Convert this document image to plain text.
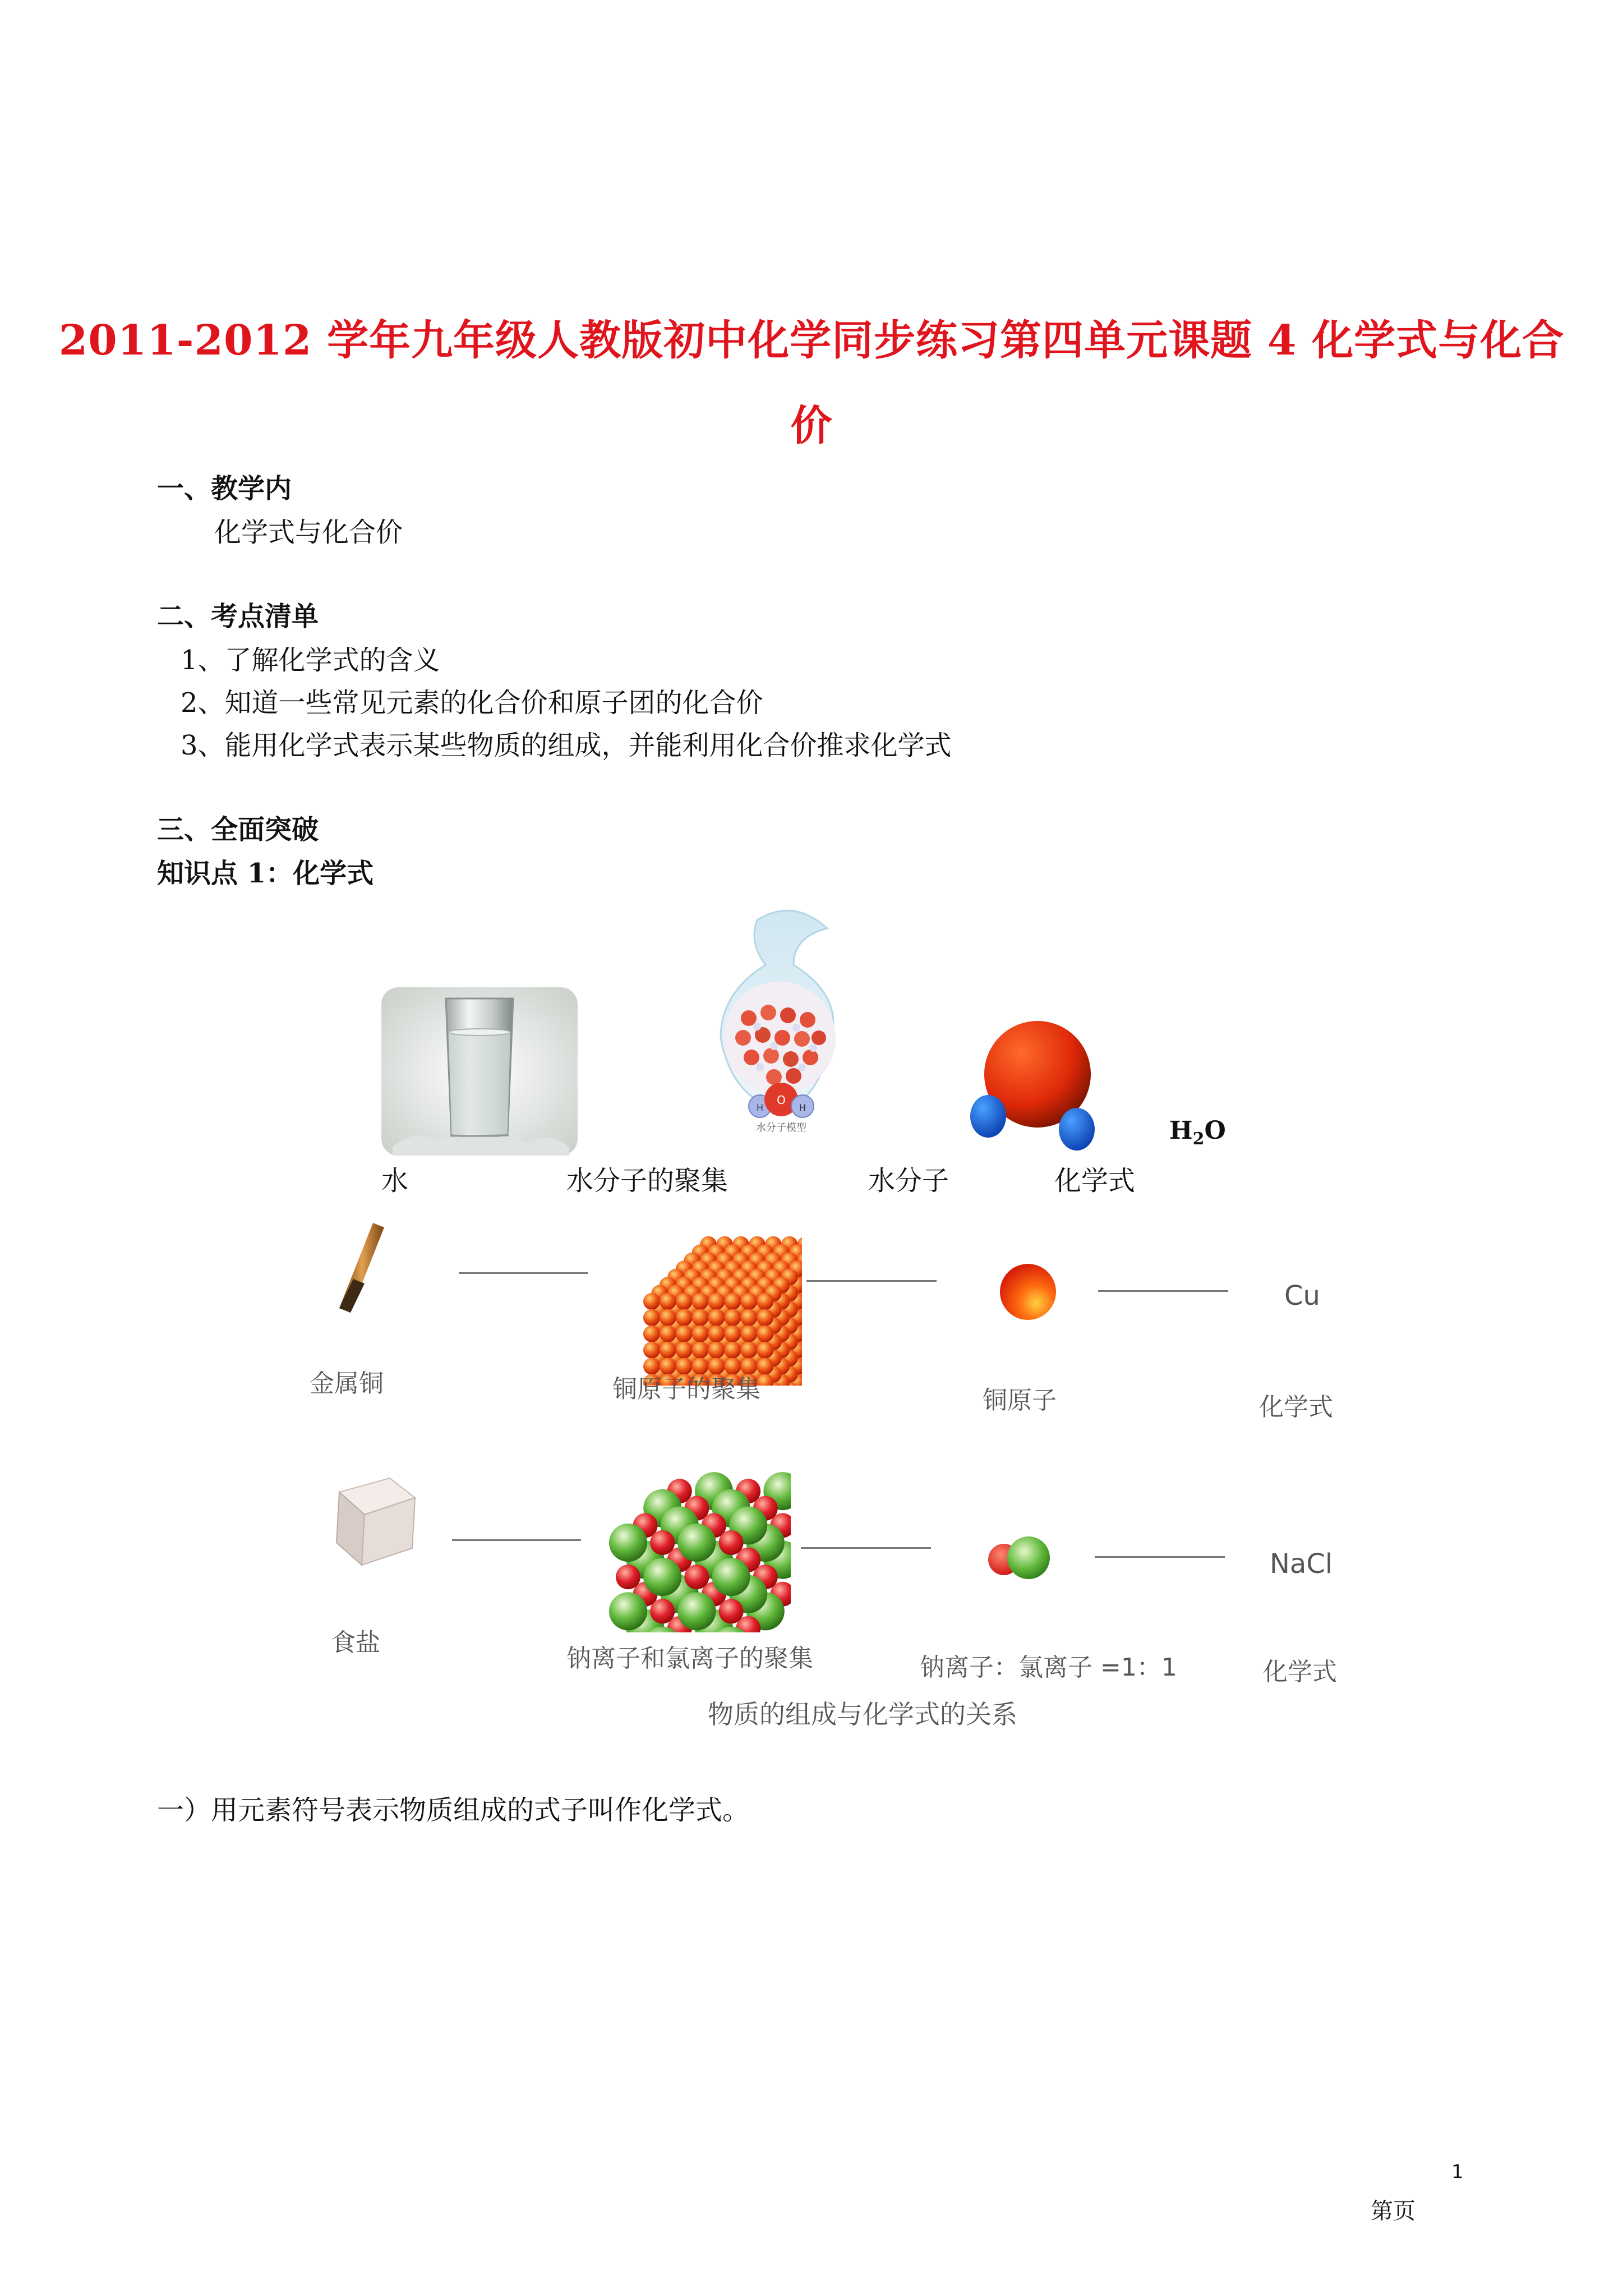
2011-2012 学年九年级人教版初中化学同步练习第四单元课题 4 化学式与化合
价
一、教学内
化学式与化合价
二、考点清单
1、了解化学式的含义
2、知道一些常见元素的化合价和原子团的化合价
3、能用化学式表示某些物质的组成，并能利用化合价推求化学式
三、全面突破
知识点 1：化学式
O
H	H
水分子模型	$H_2O$
水	水分子的聚集	水分子	化学式
Cu
金属铜	铜原子的聚集	铜原子	化学式
NaCl
食盐
钠离子和氯离子的聚集	钠离子：氯离子 =1：1	化学式
物质的组成与化学式的关系
一）用元素符号表示物质组成的式子叫作化学式。
1
第页
